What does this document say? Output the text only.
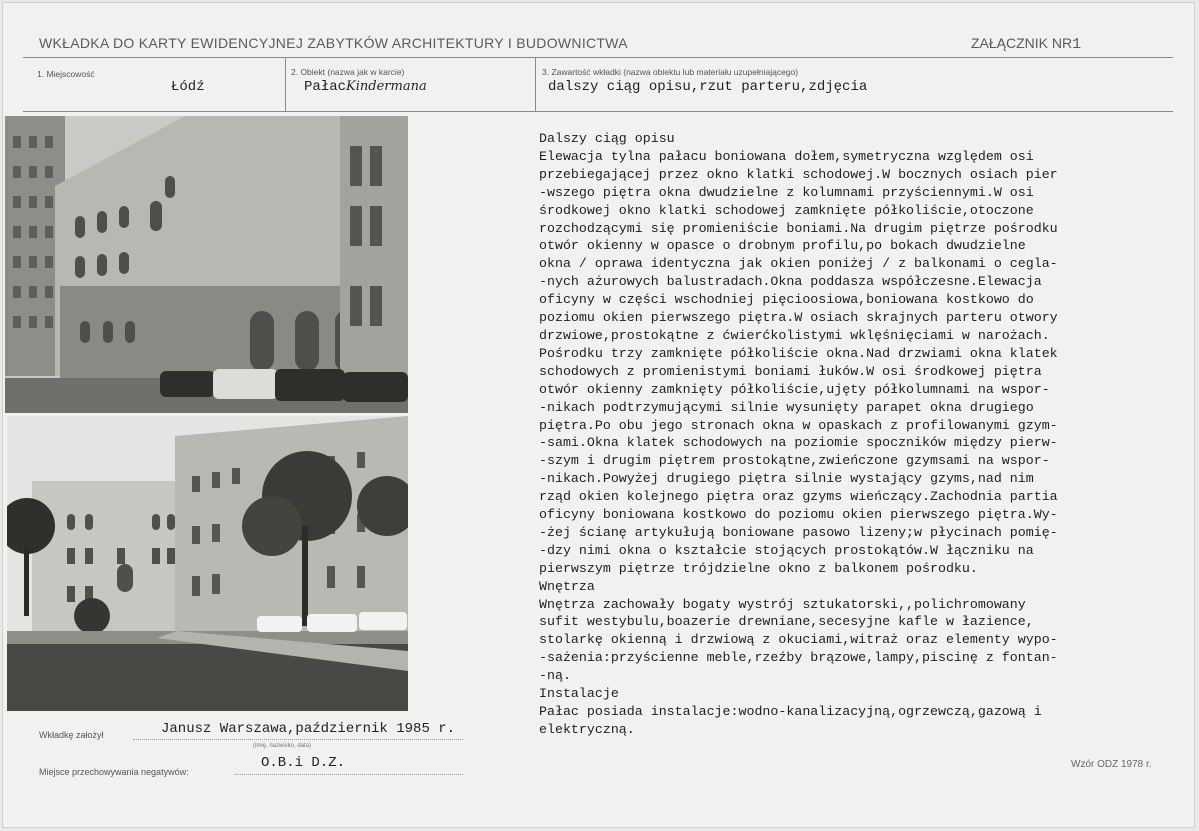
WKŁADKA DO KARTY EWIDENCYJNEJ ZABYTKÓW ARCHITEKTURY I BUDOWNICTWA	ZAŁĄCZNIK NR1
1. Miejscowość
Łódź
2. Obiekt (nazwa jak w karcie)
PałacKindermana
3. Zawartość wkładki (nazwa obiektu lub materiału uzupełniającego)
dalszy ciąg opisu,rzut parteru,zdjęcia
Dalszy ciąg opisu
Elewacja tylna pałacu boniowana dołem,symetryczna względem osi
przebiegającej przez okno klatki schodowej.W bocznych osiach pier
-wszego piętra okna dwudzielne z kolumnami przyściennymi.W osi
środkowej okno klatki schodowej zamknięte półkoliście,otoczone
rozchodzącymi się promieniście boniami.Na drugim piętrze pośrodku
otwór okienny w opasce o drobnym profilu,po bokach dwudzielne
okna / oprawa identyczna jak okien poniżej / z balkonami o cegla-
-nych ażurowych balustradach.Okna poddasza współczesne.Elewacja
oficyny w części wschodniej pięcioosiowa,boniowana kostkowo do
poziomu okien pierwszego piętra.W osiach skrajnych parteru otwory
drzwiowe,prostokątne z ćwierćkolistymi wklęśnięciami w narożach.
Pośrodku trzy zamknięte półkoliście okna.Nad drzwiami okna klatek
schodowych z promienistymi boniami łuków.W osi środkowej piętra
otwór okienny zamknięty półkoliście,ujęty półkolumnami na wspor-
-nikach podtrzymującymi silnie wysunięty parapet okna drugiego
piętra.Po obu jego stronach okna w opaskach z profilowanymi gzym-
-sami.Okna klatek schodowych na poziomie spoczników między pierw-
-szym i drugim piętrem prostokątne,zwieńczone gzymsami na wspor-
-nikach.Powyżej drugiego piętra silnie wystający gzyms,nad nim
rząd okien kolejnego piętra oraz gzyms wieńczący.Zachodnia partia
oficyny boniowana kostkowo do poziomu okien pierwszego piętra.Wy-
-żej ścianę artykułują boniowane pasowo lizeny;w płycinach pomię-
-dzy nimi okna o kształcie stojących prostokątów.W łączniku na
pierwszym piętrze trójdzielne okno z balkonem pośrodku.
Wnętrza
Wnętrza zachowały bogaty wystrój sztukatorski,,polichromowany
sufit westybulu,boazerie drewniane,secesyjne kafle w łazience,
stolarkę okienną i drzwiową z okuciami,witraż oraz elementy wypo-
-sażenia:przyścienne meble,rzeźby brązowe,lampy,piscinę z fontan-
-ną.
Instalacje
Pałac posiada instalacje:wodno-kanalizacyjną,ogrzewczą,gazową i
elektryczną.
Wkładkę założył	Janusz Warszawa,październik 1985 r.
(imię, nazwisko, data)
Miejsce przechowywania negatywów:
O.B.i D.Z.	Wzór ODZ 1978 r.
